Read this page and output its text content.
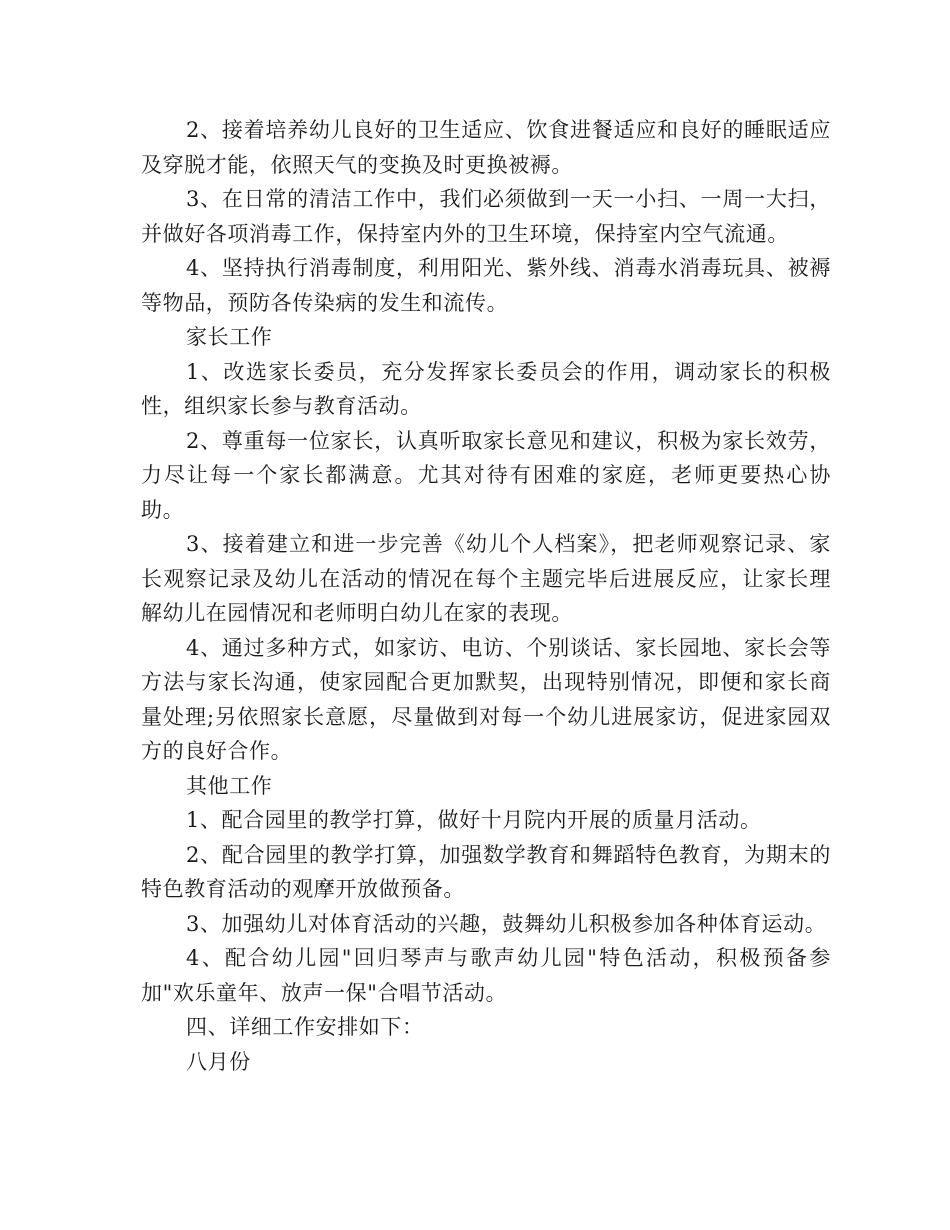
2、接着培养幼儿良好的卫生适应、饮食进餐适应和良好的睡眠适应及穿脱才能，依照天气的变换及时更换被褥。

3、在日常的清洁工作中，我们必须做到一天一小扫、一周一大扫，并做好各项消毒工作，保持室内外的卫生环境，保持室内空气流通。

4、坚持执行消毒制度，利用阳光、紫外线、消毒水消毒玩具、被褥等物品，预防各传染病的发生和流传。

家长工作

1、改选家长委员，充分发挥家长委员会的作用，调动家长的积极性，组织家长参与教育活动。

2、尊重每一位家长，认真听取家长意见和建议，积极为家长效劳，力尽让每一个家长都满意。尤其对待有困难的家庭，老师更要热心协助。

3、接着建立和进一步完善《幼儿个人档案》，把老师观察记录、家长观察记录及幼儿在活动的情况在每个主题完毕后进展反应，让家长理解幼儿在园情况和老师明白幼儿在家的表现。

4、通过多种方式，如家访、电访、个别谈话、家长园地、家长会等方法与家长沟通，使家园配合更加默契，出现特别情况，即便和家长商量处理;另依照家长意愿，尽量做到对每一个幼儿进展家访，促进家园双方的良好合作。

其他工作

1、配合园里的教学打算，做好十月院内开展的质量月活动。

2、配合园里的教学打算，加强数学教育和舞蹈特色教育，为期末的特色教育活动的观摩开放做预备。

3、加强幼儿对体育活动的兴趣，鼓舞幼儿积极参加各种体育运动。

4、配合幼儿园"回归琴声与歌声幼儿园"特色活动，积极预备参加"欢乐童年、放声一保"合唱节活动。

四、详细工作安排如下：

八月份
